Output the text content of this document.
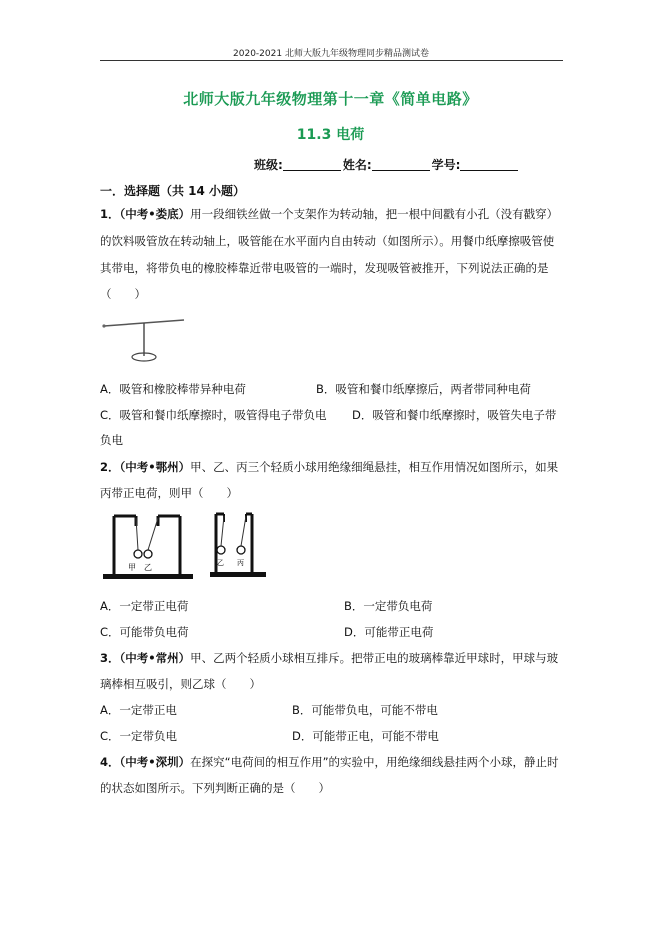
2020-2021 北师大版九年级物理同步精品测试卷
北师大版九年级物理第十一章《简单电路》
11.3 电荷
班级:	姓名:	学号:
一．选择题（共 14 小题）
1．（中考•娄底）用一段细铁丝做一个支架作为转动轴，把一根中间戳有小孔（没有戳穿）
的饮料吸管放在转动轴上，吸管能在水平面内自由转动（如图所示）。用餐巾纸摩擦吸管使
其带电，将带负电的橡胶棒靠近带电吸管的一端时，发现吸管被推开，下列说法正确的是
（　　）
A．吸管和橡胶棒带异种电荷	B．吸管和餐巾纸摩擦后，两者带同种电荷
C．吸管和餐巾纸摩擦时，吸管得电子带负电 D．吸管和餐巾纸摩擦时，吸管失电子带
负电
2．（中考•鄂州）甲、乙、丙三个轻质小球用绝缘细绳悬挂，相互作用情况如图所示，如果
丙带正电荷，则甲（　　）
甲 乙	乙 丙
A．一定带正电荷	B．一定带负电荷
C．可能带负电荷	D．可能带正电荷
3．（中考•常州）甲、乙两个轻质小球相互排斥。把带正电的玻璃棒靠近甲球时，甲球与玻
璃棒相互吸引，则乙球（　　）
A．一定带正电	B．可能带负电，可能不带电
C．一定带负电	D．可能带正电，可能不带电
4．（中考•深圳）在探究“电荷间的相互作用”的实验中，用绝缘细线悬挂两个小球，静止时
的状态如图所示。下列判断正确的是（　　）
